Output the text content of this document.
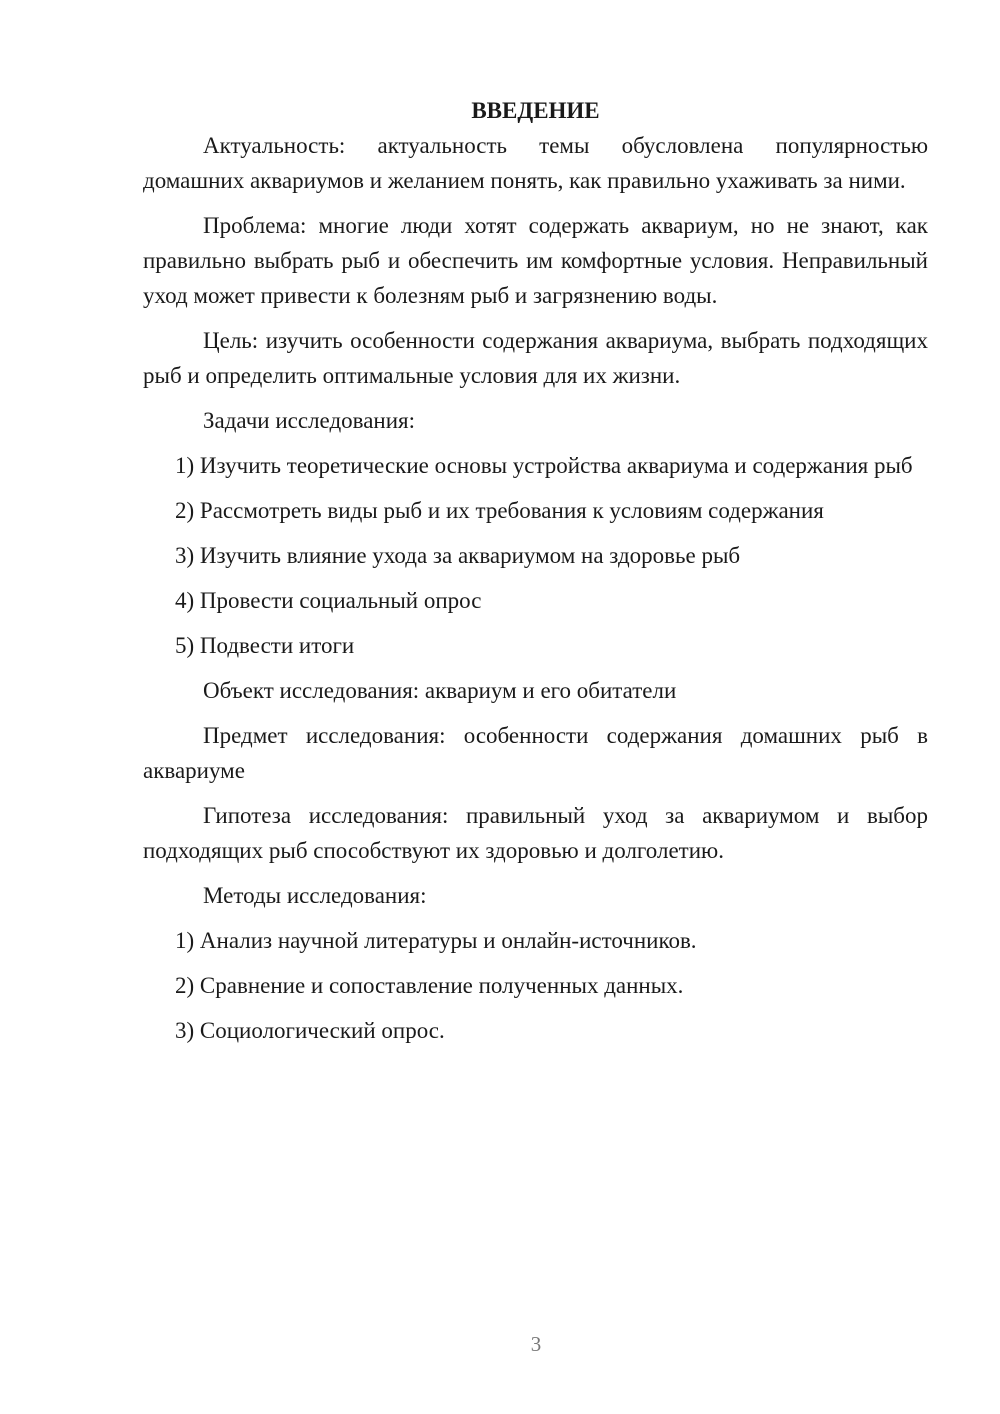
ВВЕДЕНИЕ

Актуальность: актуальность темы обусловлена популярностью домашних аквариумов и желанием понять, как правильно ухаживать за ними.

Проблема: многие люди хотят содержать аквариум, но не знают, как правильно выбрать рыб и обеспечить им комфортные условия. Неправильный уход может привести к болезням рыб и загрязнению воды.

Цель: изучить особенности содержания аквариума, выбрать подходящих рыб и определить оптимальные условия для их жизни.

Задачи исследования:

1) Изучить теоретические основы устройства аквариума и содержания рыб

2) Рассмотреть виды рыб и их требования к условиям содержания

3) Изучить влияние ухода за аквариумом на здоровье рыб

4) Провести социальный опрос

5) Подвести итоги

Объект исследования: аквариум и его обитатели

Предмет исследования: особенности содержания домашних рыб в аквариуме

Гипотеза исследования: правильный уход за аквариумом и выбор подходящих рыб способствуют их здоровью и долголетию.

Методы исследования:

1) Анализ научной литературы и онлайн-источников.

2) Сравнение и сопоставление полученных данных.

3) Социологический опрос.

3
